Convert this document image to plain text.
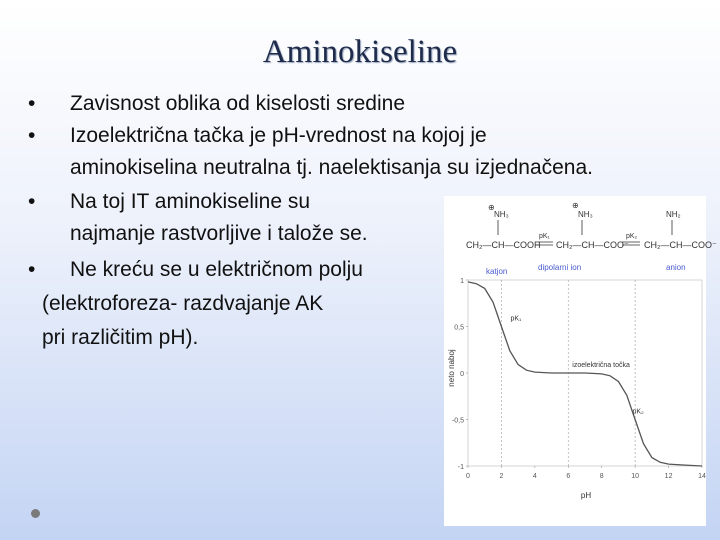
Aminokiseline
• Zavisnost oblika od kiselosti sredine
• Izoelektrična tačka je pH-vrednost na kojoj je
aminokiselina neutralna tj. naelektisanja su izjednačena.
• Na toj IT aminokiseline su
najmanje rastvorljive i talože se.
• Ne kreću se u električnom polju
(elektroforeza- razdvajanje AK
pri različitim pH).
⊕
NH₃
CH₂—CH—COOH
katjon
⊕
NH₃
CH₂—CH—COO⁻
dipolarni ion
NH₂
CH₂—CH—COO⁻
anion
pK₁	pK₂
neto naboj
pH
1
0,5
0
-0,5
-1
0	2	4	6	8	10	12	14
pK₁
izoelektrična točka
pK₂
